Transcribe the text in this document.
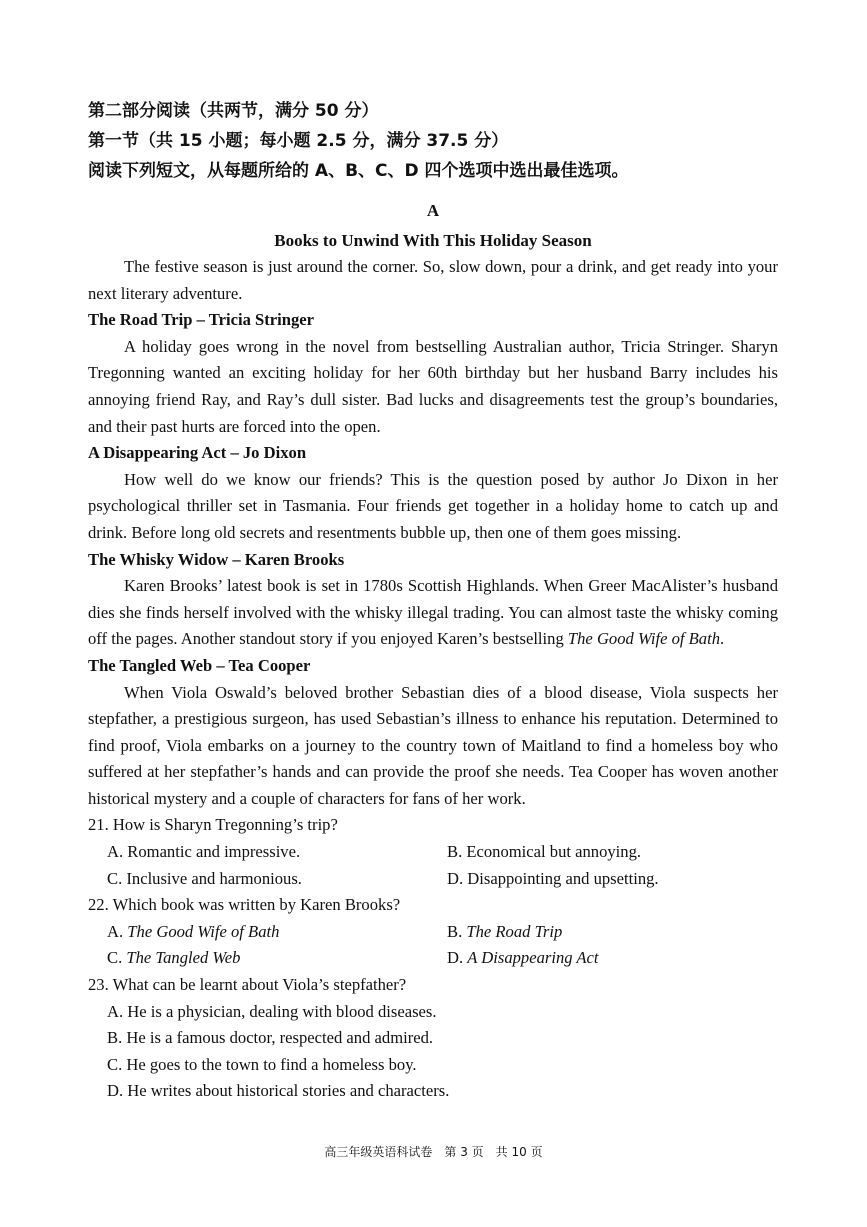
第二部分阅读（共两节，满分 50 分）
第一节（共 15 小题；每小题 2.5 分，满分 37.5 分）
阅读下列短文，从每题所给的 A、B、C、D 四个选项中选出最佳选项。
A
Books to Unwind With This Holiday Season

The festive season is just around the corner. So, slow down, pour a drink, and get ready into your next literary adventure.

The Road Trip – Tricia Stringer

A holiday goes wrong in the novel from bestselling Australian author, Tricia Stringer. Sharyn Tregonning wanted an exciting holiday for her 60th birthday but her husband Barry includes his annoying friend Ray, and Ray’s dull sister. Bad lucks and disagreements test the group’s boundaries, and their past hurts are forced into the open.

A Disappearing Act – Jo Dixon

How well do we know our friends? This is the question posed by author Jo Dixon in her psychological thriller set in Tasmania. Four friends get together in a holiday home to catch up and drink. Before long old secrets and resentments bubble up, then one of them goes missing.

The Whisky Widow – Karen Brooks

Karen Brooks’ latest book is set in 1780s Scottish Highlands. When Greer MacAlister’s husband dies she finds herself involved with the whisky illegal trading. You can almost taste the whisky coming off the pages. Another standout story if you enjoyed Karen’s bestselling The Good Wife of Bath.

The Tangled Web – Tea Cooper

When Viola Oswald’s beloved brother Sebastian dies of a blood disease, Viola suspects her stepfather, a prestigious surgeon, has used Sebastian’s illness to enhance his reputation. Determined to find proof, Viola embarks on a journey to the country town of Maitland to find a homeless boy who suffered at her stepfather’s hands and can provide the proof she needs. Tea Cooper has woven another historical mystery and a couple of characters for fans of her work.

21. How is Sharyn Tregonning’s trip?

A. Romantic and impressive.	B. Economical but annoying.
C. Inclusive and harmonious.	D. Disappointing and upsetting.

22. Which book was written by Karen Brooks?

A. The Good Wife of Bath	B. The Road Trip
C. The Tangled Web	D. A Disappearing Act

23. What can be learnt about Viola’s stepfather?

A. He is a physician, dealing with blood diseases.
B. He is a famous doctor, respected and admired.
C. He goes to the town to find a homeless boy.
D. He writes about historical stories and characters.
高三年级英语科试卷　第 3 页　共 10 页
